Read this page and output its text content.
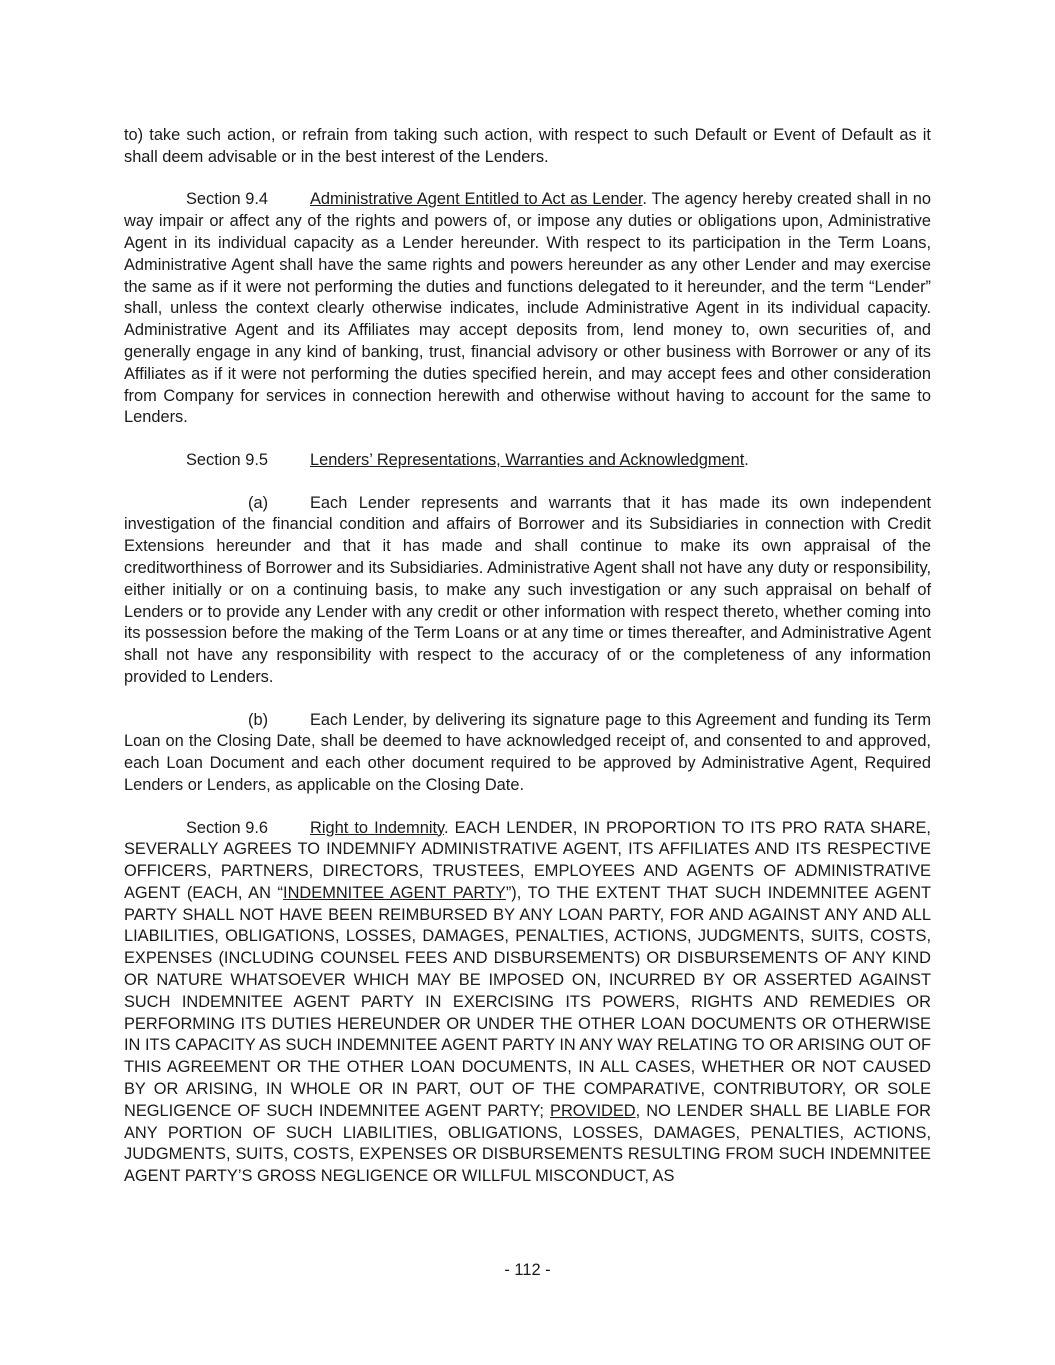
to) take such action, or refrain from taking such action, with respect to such Default or Event of Default as it shall deem advisable or in the best interest of the Lenders.

Section 9.4	Administrative Agent Entitled to Act as Lender. The agency hereby created shall in no way impair or affect any of the rights and powers of, or impose any duties or obligations upon, Administrative Agent in its individual capacity as a Lender hereunder. With respect to its participation in the Term Loans, Administrative Agent shall have the same rights and powers hereunder as any other Lender and may exercise the same as if it were not performing the duties and functions delegated to it hereunder, and the term “Lender” shall, unless the context clearly otherwise indicates, include Administrative Agent in its individual capacity. Administrative Agent and its Affiliates may accept deposits from, lend money to, own securities of, and generally engage in any kind of banking, trust, financial advisory or other business with Borrower or any of its Affiliates as if it were not performing the duties specified herein, and may accept fees and other consideration from Company for services in connection herewith and otherwise without having to account for the same to Lenders.

Section 9.5	Lenders’ Representations, Warranties and Acknowledgment.

(a)	Each Lender represents and warrants that it has made its own independent investigation of the financial condition and affairs of Borrower and its Subsidiaries in connection with Credit Extensions hereunder and that it has made and shall continue to make its own appraisal of the creditworthiness of Borrower and its Subsidiaries. Administrative Agent shall not have any duty or responsibility, either initially or on a continuing basis, to make any such investigation or any such appraisal on behalf of Lenders or to provide any Lender with any credit or other information with respect thereto, whether coming into its possession before the making of the Term Loans or at any time or times thereafter, and Administrative Agent shall not have any responsibility with respect to the accuracy of or the completeness of any information provided to Lenders.

(b)	Each Lender, by delivering its signature page to this Agreement and funding its Term Loan on the Closing Date, shall be deemed to have acknowledged receipt of, and consented to and approved, each Loan Document and each other document required to be approved by Administrative Agent, Required Lenders or Lenders, as applicable on the Closing Date.

Section 9.6	Right to Indemnity. EACH LENDER, IN PROPORTION TO ITS PRO RATA SHARE, SEVERALLY AGREES TO INDEMNIFY ADMINISTRATIVE AGENT, ITS AFFILIATES AND ITS RESPECTIVE OFFICERS, PARTNERS, DIRECTORS, TRUSTEES, EMPLOYEES AND AGENTS OF ADMINISTRATIVE AGENT (EACH, AN “INDEMNITEE AGENT PARTY”), TO THE EXTENT THAT SUCH INDEMNITEE AGENT PARTY SHALL NOT HAVE BEEN REIMBURSED BY ANY LOAN PARTY, FOR AND AGAINST ANY AND ALL LIABILITIES, OBLIGATIONS, LOSSES, DAMAGES, PENALTIES, ACTIONS, JUDGMENTS, SUITS, COSTS, EXPENSES (INCLUDING COUNSEL FEES AND DISBURSEMENTS) OR DISBURSEMENTS OF ANY KIND OR NATURE WHATSOEVER WHICH MAY BE IMPOSED ON, INCURRED BY OR ASSERTED AGAINST SUCH INDEMNITEE AGENT PARTY IN EXERCISING ITS POWERS, RIGHTS AND REMEDIES OR PERFORMING ITS DUTIES HEREUNDER OR UNDER THE OTHER LOAN DOCUMENTS OR OTHERWISE IN ITS CAPACITY AS SUCH INDEMNITEE AGENT PARTY IN ANY WAY RELATING TO OR ARISING OUT OF THIS AGREEMENT OR THE OTHER LOAN DOCUMENTS, IN ALL CASES, WHETHER OR NOT CAUSED BY OR ARISING, IN WHOLE OR IN PART, OUT OF THE COMPARATIVE, CONTRIBUTORY, OR SOLE NEGLIGENCE OF SUCH INDEMNITEE AGENT PARTY; PROVIDED, NO LENDER SHALL BE LIABLE FOR ANY PORTION OF SUCH LIABILITIES, OBLIGATIONS, LOSSES, DAMAGES, PENALTIES, ACTIONS, JUDGMENTS, SUITS, COSTS, EXPENSES OR DISBURSEMENTS RESULTING FROM SUCH INDEMNITEE AGENT PARTY’S GROSS NEGLIGENCE OR WILLFUL MISCONDUCT, AS

- 112 -
